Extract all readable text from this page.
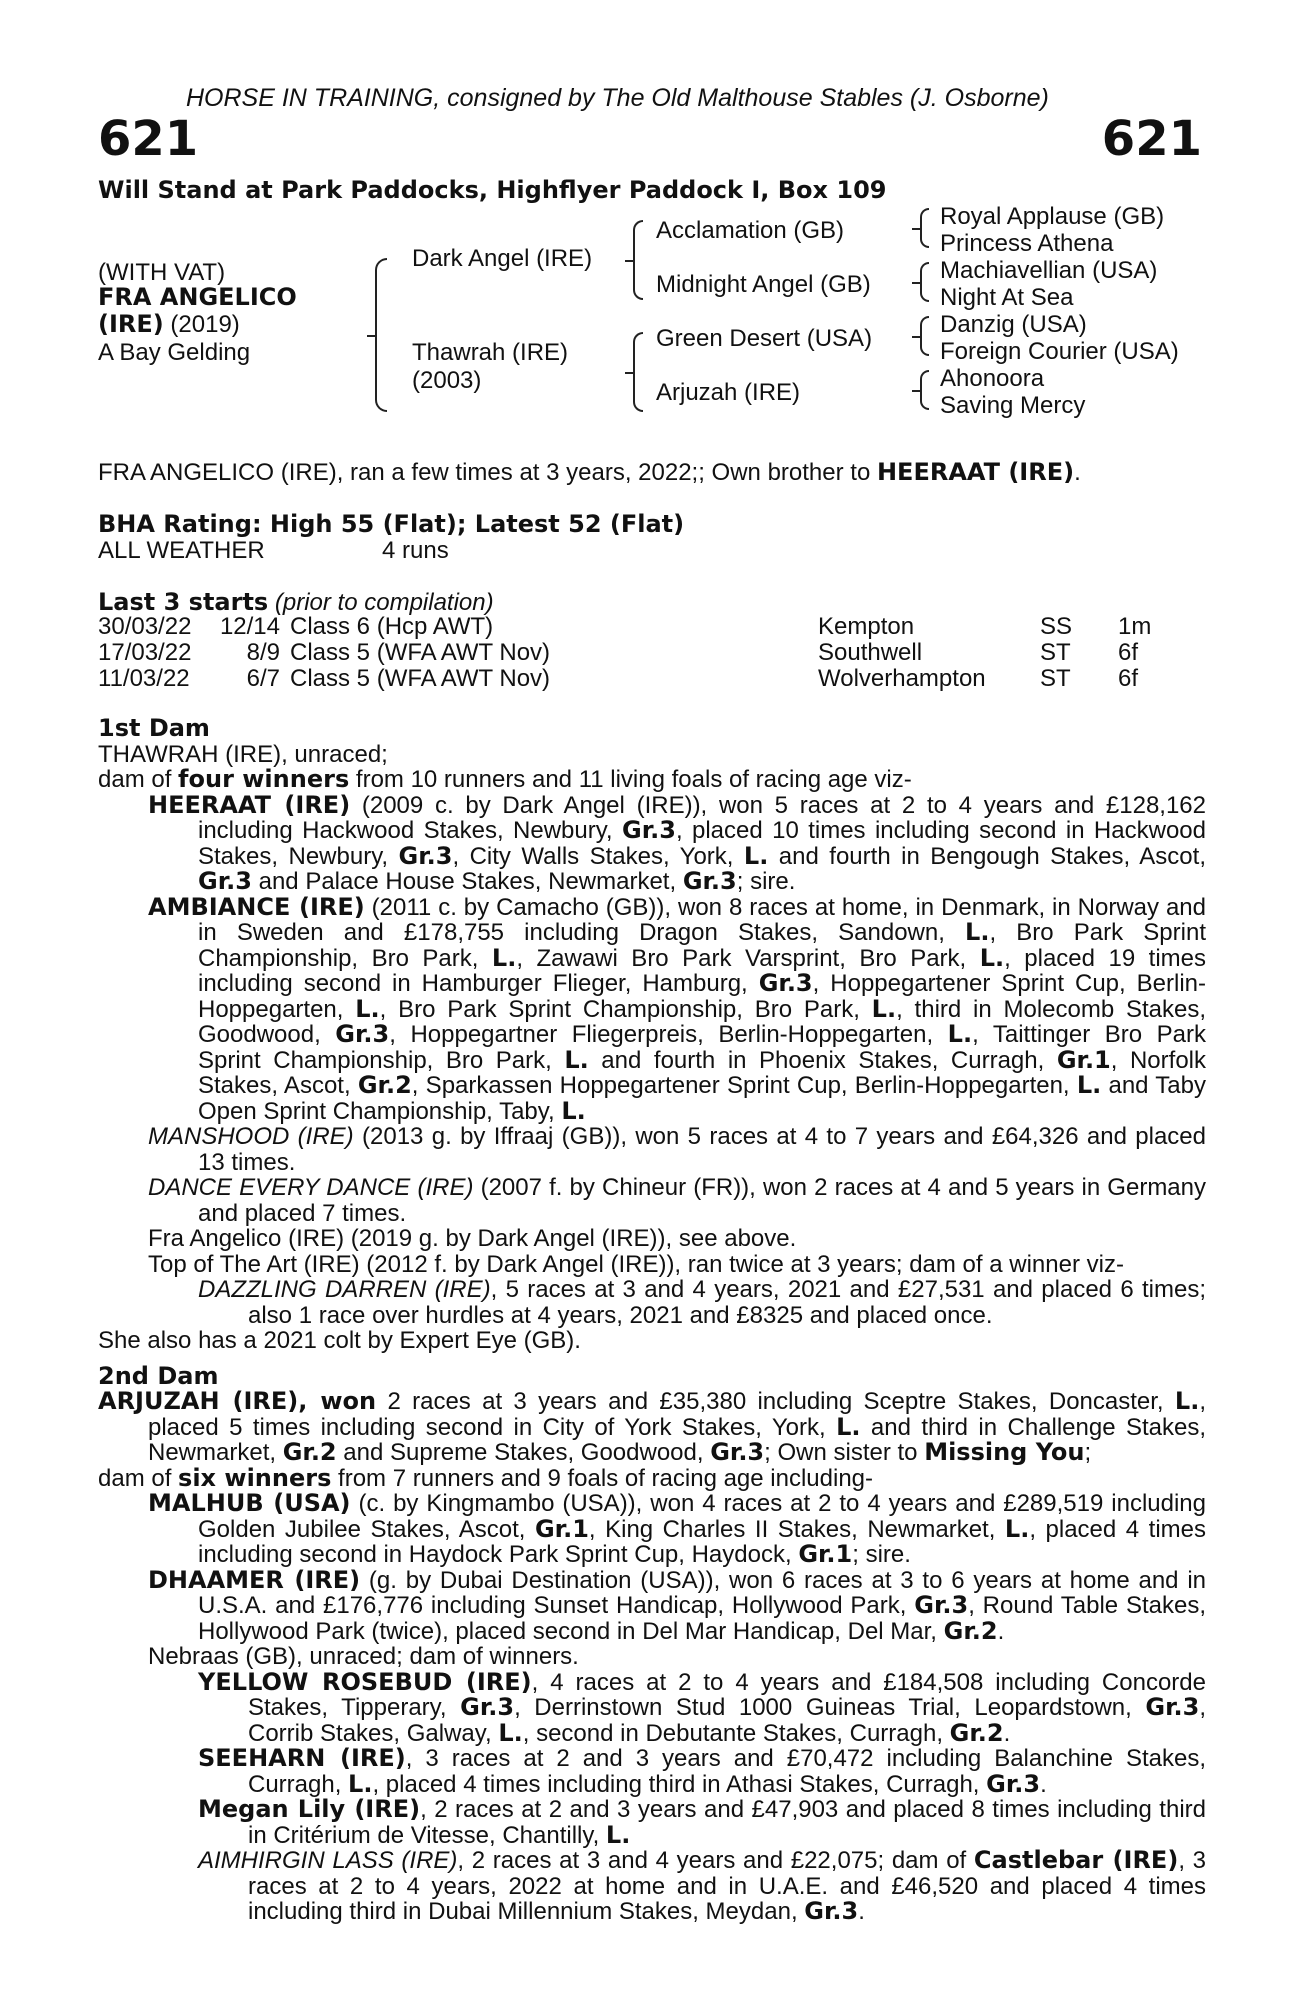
HORSE IN TRAINING, consigned by The Old Malthouse Stables (J. Osborne)
621	621
Will Stand at Park Paddocks, Highflyer Paddock I, Box 109
(WITH VAT)
FRA ANGELICO
(IRE) (2019)
A Bay Gelding
Dark Angel (IRE)
Thawrah (IRE)
(2003)
Acclamation (GB)
Midnight Angel (GB)
Green Desert (USA)
Arjuzah (IRE)
Royal Applause (GB)
Princess Athena
Machiavellian (USA)
Night At Sea
Danzig (USA)
Foreign Courier (USA)
Ahonoora
Saving Mercy
FRA ANGELICO (IRE), ran a few times at 3 years, 2022;; Own brother to HEERAAT (IRE).
BHA Rating: High 55 (Flat); Latest 52 (Flat)
ALL WEATHER	4 runs
Last 3 starts (prior to compilation)
30/03/22	12/14 Class 6 (Hcp AWT)	Kempton	SS 1m
17/03/22	8/9 Class 5 (WFA AWT Nov)	Southwell	ST 6f
11/03/22	6/7 Class 5 (WFA AWT Nov)	Wolverhampton ST 6f

1st Dam

THAWRAH (IRE), unraced;

dam of four winners from 10 runners and 11 living foals of racing age viz-

HEERAAT (IRE) (2009 c. by Dark Angel (IRE)), won 5 races at 2 to 4 years and £128,162 including Hackwood Stakes, Newbury, Gr.3, placed 10 times including second in Hackwood Stakes, Newbury, Gr.3, City Walls Stakes, York, L. and fourth in Bengough Stakes, Ascot, Gr.3 and Palace House Stakes, Newmarket, Gr.3; sire.

AMBIANCE (IRE) (2011 c. by Camacho (GB)), won 8 races at home, in Denmark, in Norway and in Sweden and £178,755 including Dragon Stakes, Sandown, L., Bro Park Sprint Championship, Bro Park, L., Zawawi Bro Park Varsprint, Bro Park, L., placed 19 times including second in Hamburger Flieger, Hamburg, Gr.3, Hoppegartener Sprint Cup, Berlin-Hoppegarten, L., Bro Park Sprint Championship, Bro Park, L., third in Molecomb Stakes, Goodwood, Gr.3, Hoppegartner Fliegerpreis, Berlin-Hoppegarten, L., Taittinger Bro Park Sprint Championship, Bro Park, L. and fourth in Phoenix Stakes, Curragh, Gr.1, Norfolk Stakes, Ascot, Gr.2, Sparkassen Hoppegartener Sprint Cup, Berlin-Hoppegarten, L. and Taby Open Sprint Championship, Taby, L.

MANSHOOD (IRE) (2013 g. by Iffraaj (GB)), won 5 races at 4 to 7 years and £64,326 and placed 13 times.

DANCE EVERY DANCE (IRE) (2007 f. by Chineur (FR)), won 2 races at 4 and 5 years in Germany and placed 7 times.

Fra Angelico (IRE) (2019 g. by Dark Angel (IRE)), see above.

Top of The Art (IRE) (2012 f. by Dark Angel (IRE)), ran twice at 3 years; dam of a winner viz-

DAZZLING DARREN (IRE), 5 races at 3 and 4 years, 2021 and £27,531 and placed 6 times; also 1 race over hurdles at 4 years, 2021 and £8325 and placed once.

She also has a 2021 colt by Expert Eye (GB).

2nd Dam

ARJUZAH (IRE), won 2 races at 3 years and £35,380 including Sceptre Stakes, Doncaster, L., placed 5 times including second in City of York Stakes, York, L. and third in Challenge Stakes, Newmarket, Gr.2 and Supreme Stakes, Goodwood, Gr.3; Own sister to Missing You;

dam of six winners from 7 runners and 9 foals of racing age including-

MALHUB (USA) (c. by Kingmambo (USA)), won 4 races at 2 to 4 years and £289,519 including Golden Jubilee Stakes, Ascot, Gr.1, King Charles II Stakes, Newmarket, L., placed 4 times including second in Haydock Park Sprint Cup, Haydock, Gr.1; sire.

DHAAMER (IRE) (g. by Dubai Destination (USA)), won 6 races at 3 to 6 years at home and in U.S.A. and £176,776 including Sunset Handicap, Hollywood Park, Gr.3, Round Table Stakes, Hollywood Park (twice), placed second in Del Mar Handicap, Del Mar, Gr.2.

Nebraas (GB), unraced; dam of winners.

YELLOW ROSEBUD (IRE), 4 races at 2 to 4 years and £184,508 including Concorde Stakes, Tipperary, Gr.3, Derrinstown Stud 1000 Guineas Trial, Leopardstown, Gr.3, Corrib Stakes, Galway, L., second in Debutante Stakes, Curragh, Gr.2.

SEEHARN (IRE), 3 races at 2 and 3 years and £70,472 including Balanchine Stakes, Curragh, L., placed 4 times including third in Athasi Stakes, Curragh, Gr.3.

Megan Lily (IRE), 2 races at 2 and 3 years and £47,903 and placed 8 times including third in Critérium de Vitesse, Chantilly, L.

AIMHIRGIN LASS (IRE), 2 races at 3 and 4 years and £22,075; dam of Castlebar (IRE), 3 races at 2 to 4 years, 2022 at home and in U.A.E. and £46,520 and placed 4 times including third in Dubai Millennium Stakes, Meydan, Gr.3.
